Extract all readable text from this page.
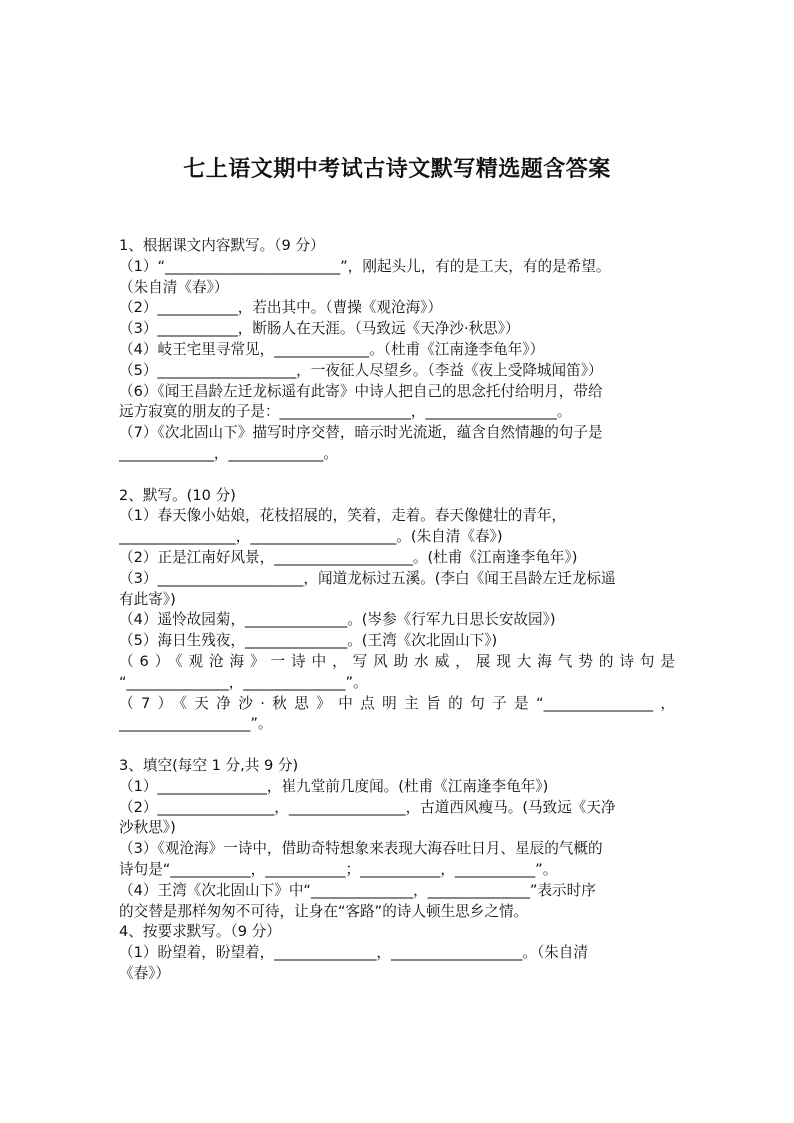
七上语文期中考试古诗文默写精选题含答案
1、根据课文内容默写。（9 分）
（1）“________________________”，刚起头儿，有的是工夫，有的是希望。
（朱自清《春》）
（2）___________，若出其中。（曹操《观沧海》）
（3）___________，断肠人在天涯。（马致远《天净沙·秋思》）
（4）岐王宅里寻常见，_____________。（杜甫《江南逢李龟年》）
（5）___________________，一夜征人尽望乡。（李益《夜上受降城闻笛》）
（6）《闻王昌龄左迁龙标遥有此寄》中诗人把自己的思念托付给明月，带给
远方寂寞的朋友的子是：__________________，__________________。
（7）《次北固山下》描写时序交替，暗示时光流逝，蕴含自然情趣的句子是
_____________，_____________。
2、默写。(10 分)
（1）春天像小姑娘，花枝招展的，笑着，走着。春天像健壮的青年，
________________，____________________。(朱自清《春》)
（2）正是江南好风景，___________________。(杜甫《江南逢李龟年》)
（3）____________________，闻道龙标过五溪。(李白《闻王昌龄左迁龙标遥
有此寄》)
（4）遥怜故园菊，______________。(岑参《行军九日思长安故园》)
（5）海日生残夜，______________。(王湾《次北固山下》)
（6）《观沧海》一诗中，写风助水威，展现大海气势的诗句是
“______________，______________”。
（7）《天净沙·秋思》中点明主旨的句子是“_______________，
__________________”。
3、填空(每空 1 分,共 9 分)
（1）_______________，崔九堂前几度闻。(杜甫《江南逢李龟年》)
（2）________________，________________，古道西风瘦马。(马致远《天净
沙秋思》)
（3）《观沧海》一诗中，借助奇特想象来表现大海吞吐日月、星辰的气概的
诗句是“___________，___________；___________，___________”。
（4）王湾《次北固山下》中“______________，______________”表示时序
的交替是那样匆匆不可待，让身在“客路”的诗人顿生思乡之情。
4、按要求默写。（9 分）
（1）盼望着，盼望着，______________，__________________。（朱自清
《春》）
